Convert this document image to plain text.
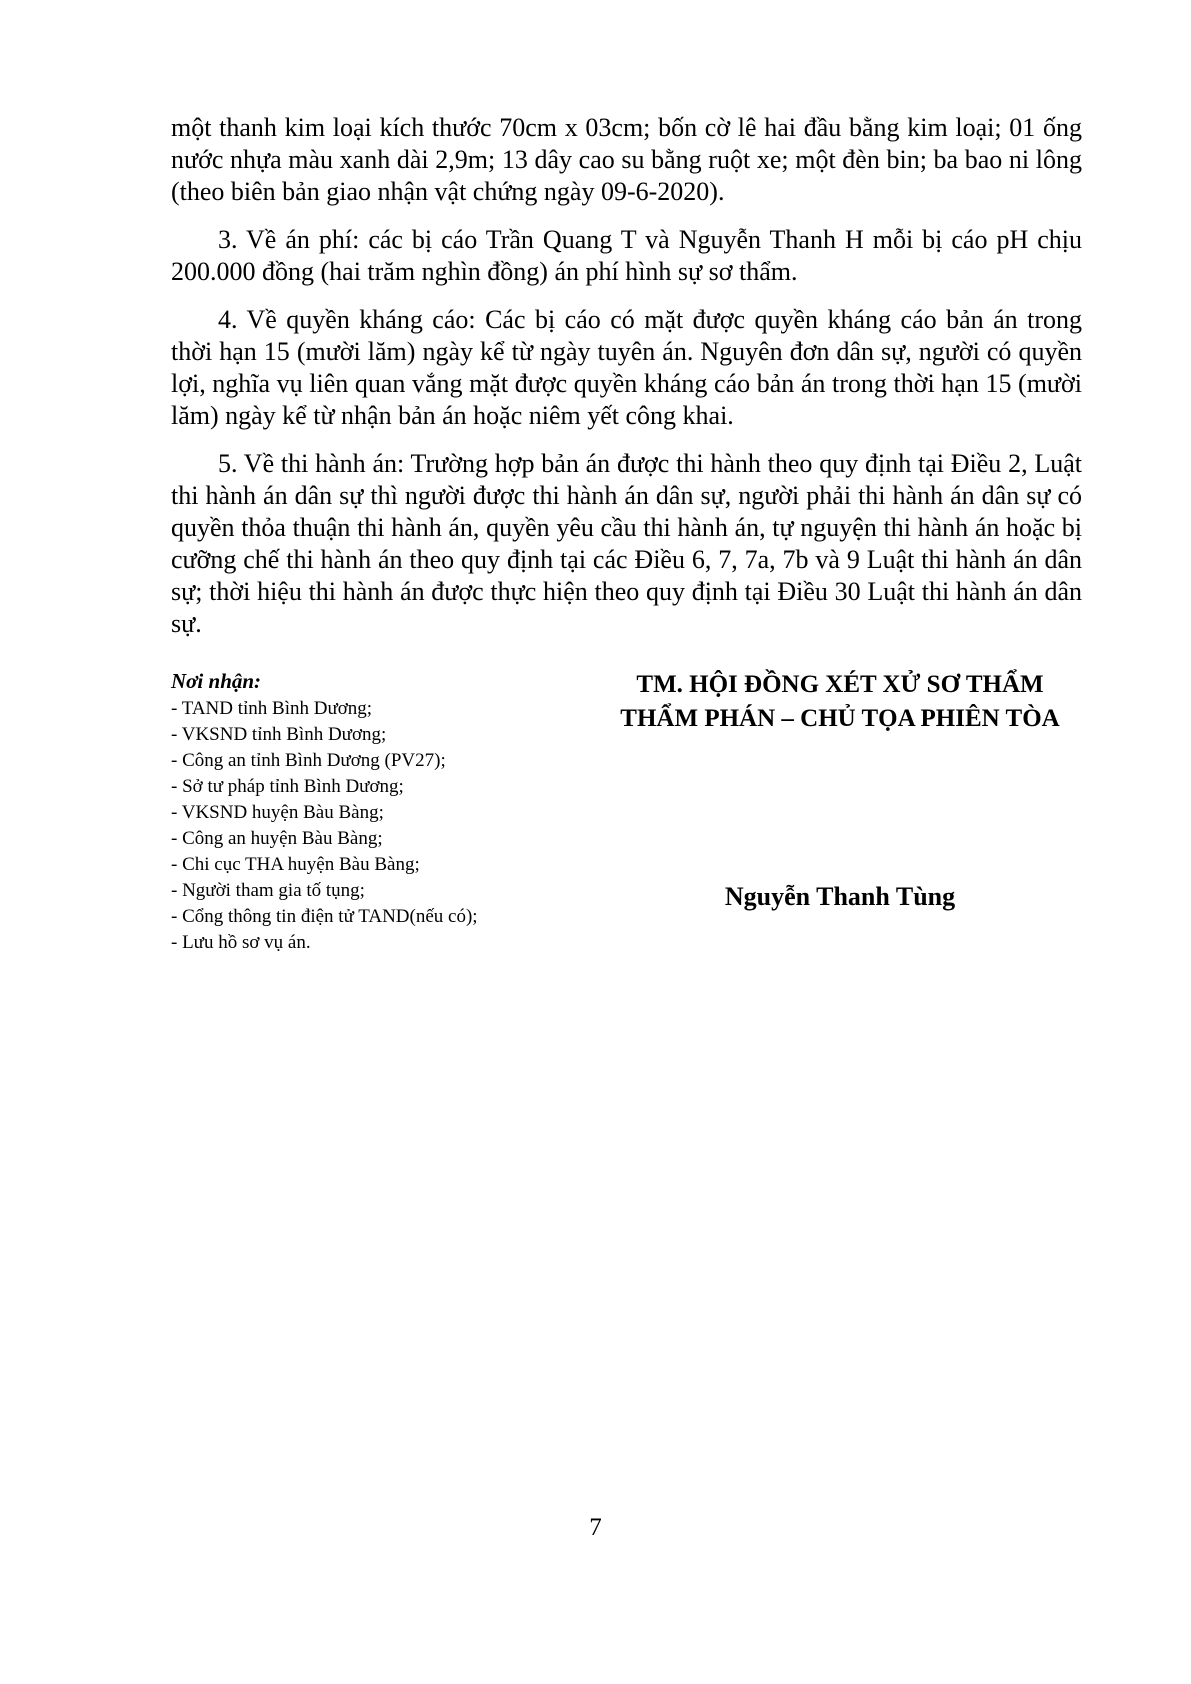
một thanh kim loại kích thước 70cm x 03cm; bốn cờ lê hai đầu bằng kim loại; 01 ống nước nhựa màu xanh dài 2,9m; 13 dây cao su bằng ruột xe; một đèn bin; ba bao ni lông (theo biên bản giao nhận vật chứng ngày 09-6-2020).

3. Về án phí: các bị cáo Trần Quang T và Nguyễn Thanh H mỗi bị cáo pH chịu 200.000 đồng (hai trăm nghìn đồng) án phí hình sự sơ thẩm.

4. Về quyền kháng cáo: Các bị cáo có mặt được quyền kháng cáo bản án trong thời hạn 15 (mười lăm) ngày kể từ ngày tuyên án. Nguyên đơn dân sự, người có quyền lợi, nghĩa vụ liên quan vắng mặt được quyền kháng cáo bản án trong thời hạn 15 (mười lăm) ngày kể từ nhận bản án hoặc niêm yết công khai.

5. Về thi hành án: Trường hợp bản án được thi hành theo quy định tại Điều 2, Luật thi hành án dân sự thì người được thi hành án dân sự, người phải thi hành án dân sự có quyền thỏa thuận thi hành án, quyền yêu cầu thi hành án, tự nguyện thi hành án hoặc bị cưỡng chế thi hành án theo quy định tại các Điều 6, 7, 7a, 7b và 9 Luật thi hành án dân sự; thời hiệu thi hành án được thực hiện theo quy định tại Điều 30 Luật thi hành án dân sự.

Nơi nhận:
- TAND tỉnh Bình Dương;
- VKSND tỉnh Bình Dương;
- Công an tỉnh Bình Dương (PV27);
- Sở tư pháp tỉnh Bình Dương;
- VKSND huyện Bàu Bàng;
- Công an huyện Bàu Bàng;
- Chi cục THA huyện Bàu Bàng;
- Người tham gia tố tụng;
- Cổng thông tin điện tử TAND(nếu có);
- Lưu hồ sơ vụ án.
TM. HỘI ĐỒNG XÉT XỬ SƠ THẨM
THẨM PHÁN – CHỦ TỌA PHIÊN TÒA
Nguyễn Thanh Tùng
7
